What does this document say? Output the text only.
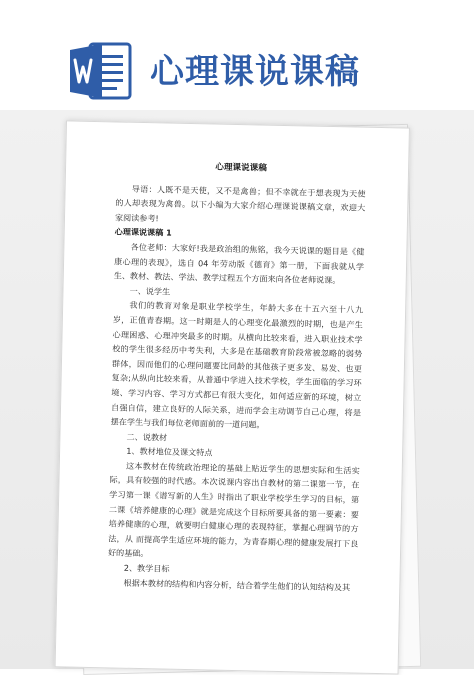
心理课说课稿
心理课说课稿

导语：人既不是天使，又不是禽兽；但不幸就在于想表现为天使的人却表现为禽兽。以下小编为大家介绍心理课说课稿文章，欢迎大家阅读参考!

心理课说课稿 1

各位老师：大家好!我是政治组的焦铭，我今天说课的题目是《健康心理的表现》，选自 04 年劳动版《德育》第一册，下面我就从学生、教材、教法、学法、教学过程五个方面来向各位老师说课。

一、说学生

我们的教育对象是职业学校学生，年龄大多在十五六至十八九岁，正值青春期。这一时期是人的心理变化最激烈的时期，也是产生心理困惑、心理冲突最多的时期。从横向比较来看，进入职业技术学校的学生很多经历中考失利，大多是在基础教育阶段常被忽略的弱势群体，因而他们的心理问题要比同龄的其他孩子更多发、易发、也更复杂;从纵向比较来看，从普通中学进入技术学校，学生面临的学习环境、学习内容、学习方式都已有很大变化，如何适应新的环境，树立自强自信，建立良好的人际关系，进而学会主动调节自己心理，将是摆在学生与我们每位老师面前的一道问题。

二、说教材

1、教材地位及课文特点

这本教材在传统政治理论的基础上贴近学生的思想实际和生活实际，具有较强的时代感。本次说课内容出自教材的第二课第一节，在学习第一课《谱写新的人生》时指出了职业学校学生学习的目标，第二课《培养健康的心理》就是完成这个目标所要具备的第一要素：要培养健康的心理，就要明白健康心理的表现特征，掌握心理调节的方法，从 而提高学生适应环境的能力，为青春期心理的健康发展打下良好的基础。

2、教学目标

根据本教材的结构和内容分析，结合着学生他们的认知结构及其
